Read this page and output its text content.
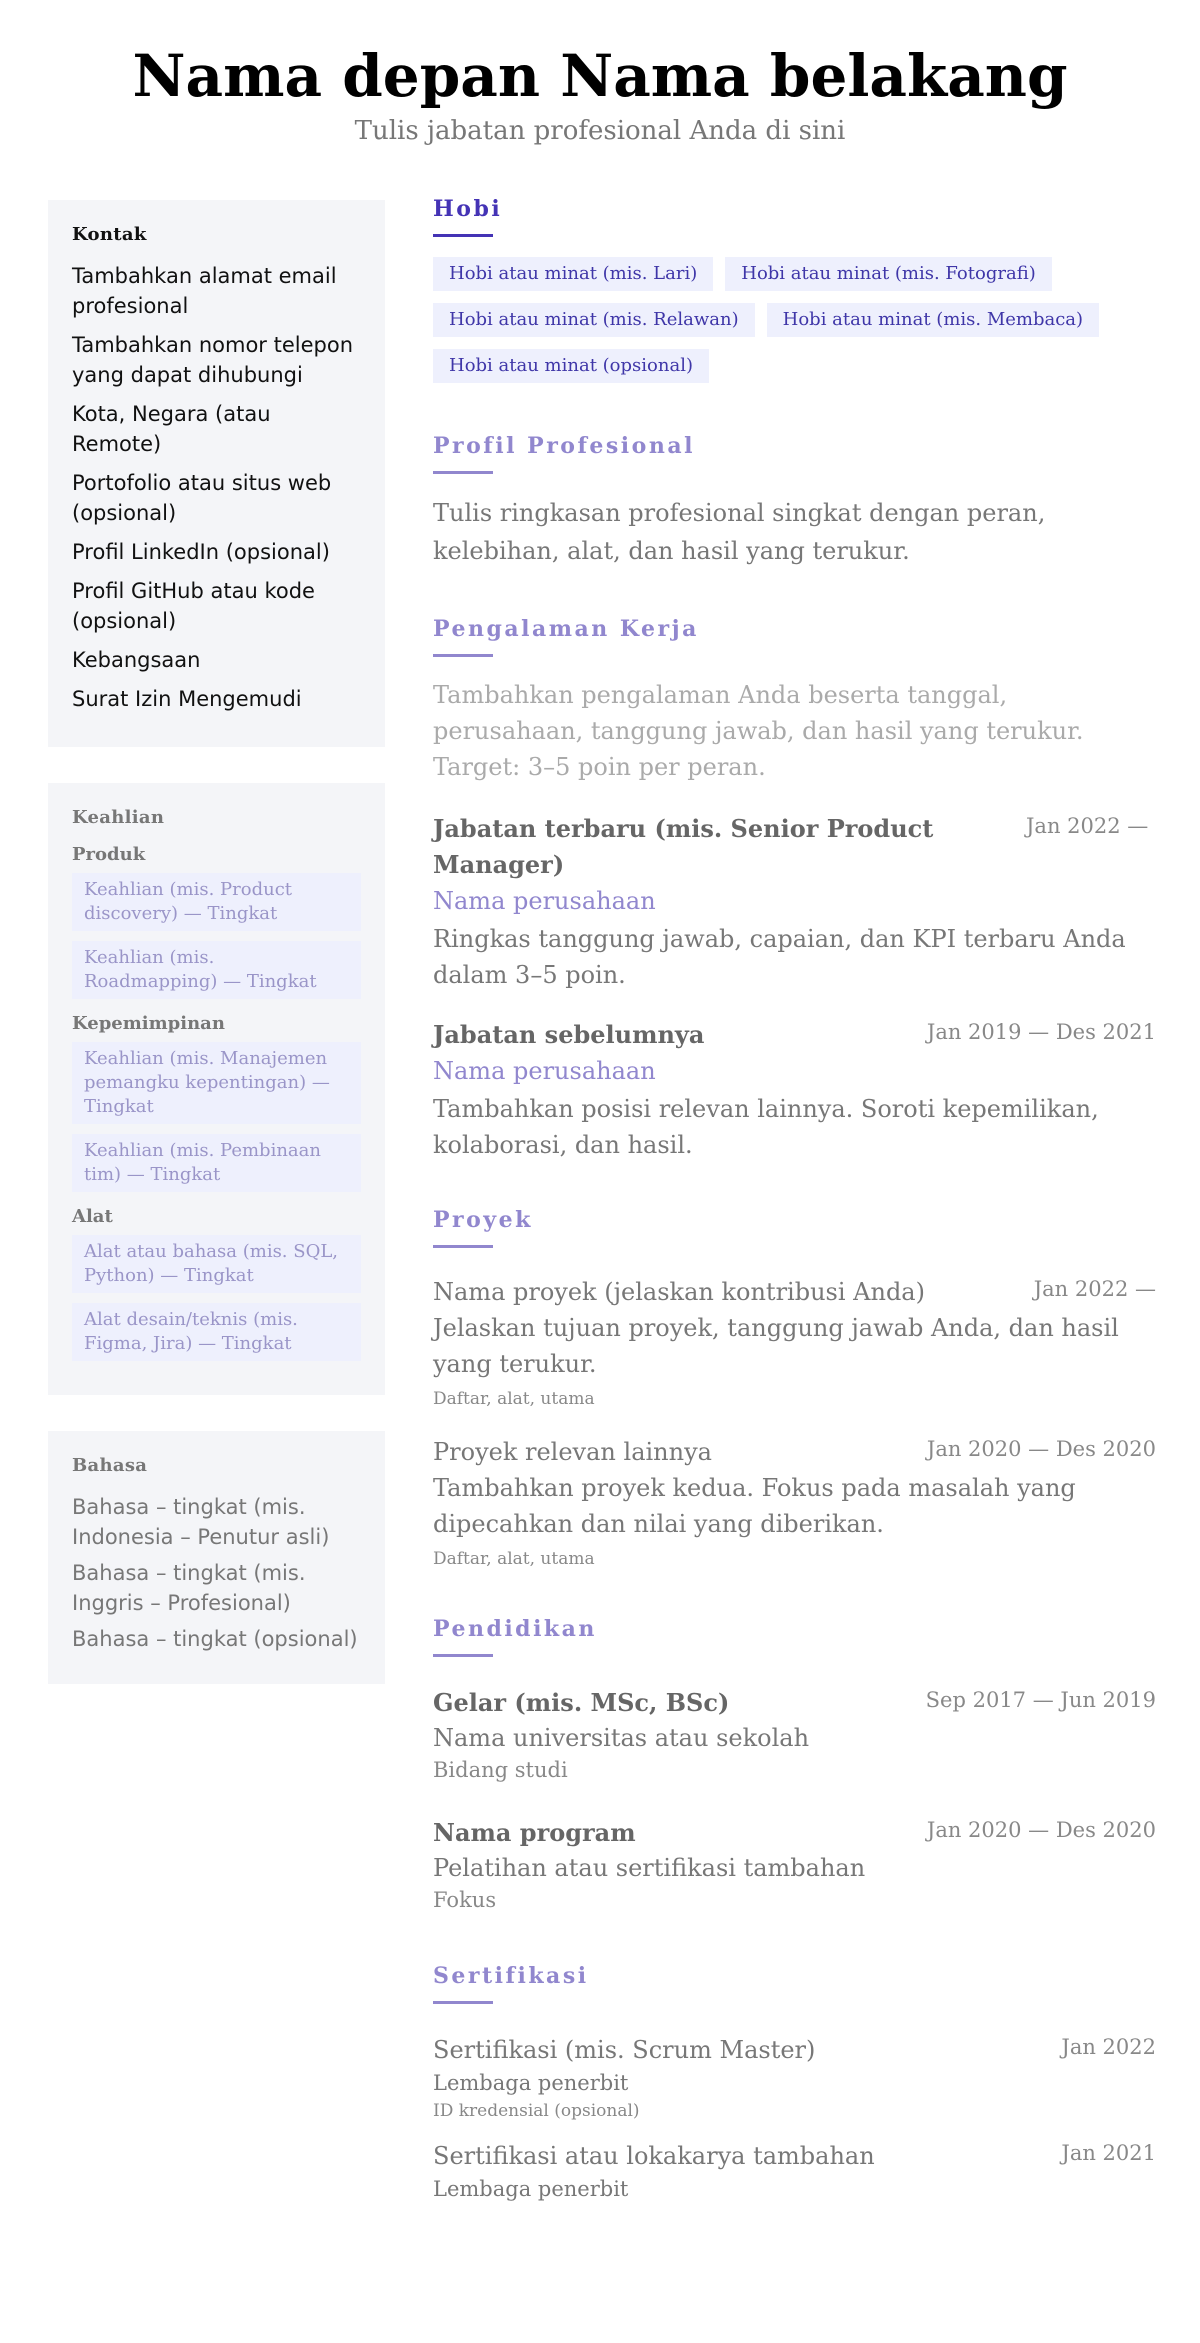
Nama depan Nama belakang
Tulis jabatan profesional Anda di sini
Kontak
Tambahkan alamat email profesional
Tambahkan nomor telepon yang dapat dihubungi
Kota, Negara (atau Remote)
Portofolio atau situs web (opsional)
Profil LinkedIn (opsional)
Profil GitHub atau kode (opsional)
Kebangsaan
Surat Izin Mengemudi
Keahlian
Produk
Keahlian (mis. Product discovery) — Tingkat
Keahlian (mis. Roadmapping) — Tingkat
Kepemimpinan
Keahlian (mis. Manajemen pemangku kepentingan) — Tingkat
Keahlian (mis. Pembinaan tim) — Tingkat
Alat
Alat atau bahasa (mis. SQL, Python) — Tingkat
Alat desain/teknis (mis. Figma, Jira) — Tingkat
Bahasa
Bahasa – tingkat (mis. Indonesia – Penutur asli)
Bahasa – tingkat (mis. Inggris – Profesional)
Bahasa – tingkat (opsional)
Hobi
Hobi atau minat (mis. Lari)	Hobi atau minat (mis. Fotografi)
Hobi atau minat (mis. Relawan)	Hobi atau minat (mis. Membaca)
Hobi atau minat (opsional)
Profil Profesional
Tulis ringkasan profesional singkat dengan peran, kelebihan, alat, dan hasil yang terukur.
Pengalaman Kerja
Tambahkan pengalaman Anda beserta tanggal, perusahaan, tanggung jawab, dan hasil yang terukur. Target: 3–5 poin per peran.
Jabatan terbaru (mis. Senior Product Manager)
Jan 2022 —
Nama perusahaan
Ringkas tanggung jawab, capaian, dan KPI terbaru Anda dalam 3–5 poin.
Jabatan sebelumnya	Jan 2019 — Des 2021
Nama perusahaan
Tambahkan posisi relevan lainnya. Soroti kepemilikan, kolaborasi, dan hasil.
Proyek
Nama proyek (jelaskan kontribusi Anda)	Jan 2022 —
Jelaskan tujuan proyek, tanggung jawab Anda, dan hasil yang terukur.
Daftar, alat, utama
Proyek relevan lainnya	Jan 2020 — Des 2020
Tambahkan proyek kedua. Fokus pada masalah yang dipecahkan dan nilai yang diberikan.
Daftar, alat, utama
Pendidikan
Gelar (mis. MSc, BSc)	Sep 2017 — Jun 2019
Nama universitas atau sekolah
Bidang studi
Nama program	Jan 2020 — Des 2020
Pelatihan atau sertifikasi tambahan
Fokus
Sertifikasi
Sertifikasi (mis. Scrum Master)	Jan 2022
Lembaga penerbit
ID kredensial (opsional)
Sertifikasi atau lokakarya tambahan	Jan 2021
Lembaga penerbit
